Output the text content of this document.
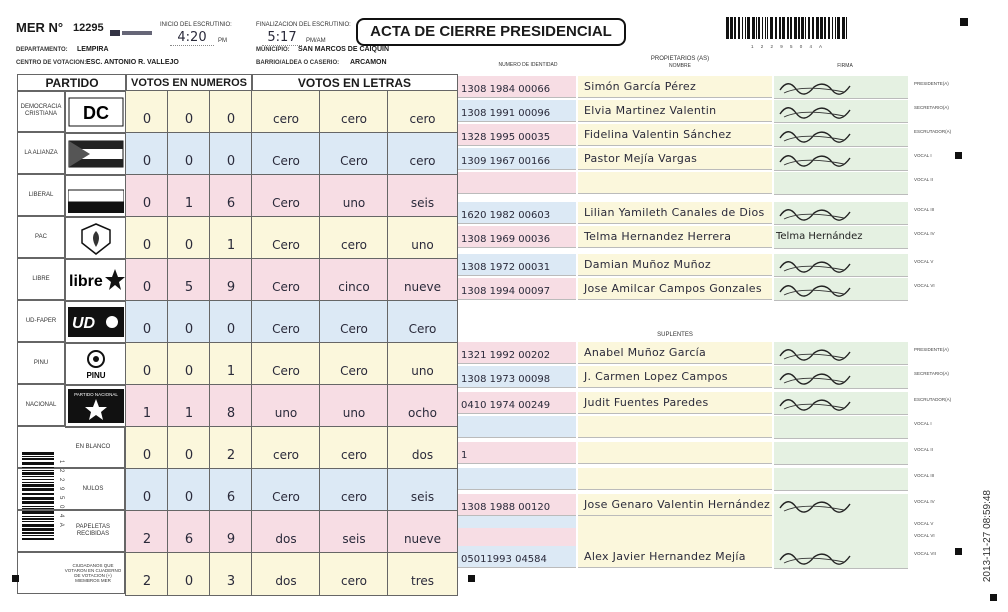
MER N° 12295	INICIO DEL ESCRUTINIO:
4:20	PM
FINALIZACION DEL ESCRUTINIO:
5:17	PM/AM
ACTA DE CIERRE PRESIDENCIAL
1 2 2 9 5 0 4 A
DEPARTAMENTO: LEMPIRA	MUNICIPIO: SAN MARCOS DE CAIQUIN
CENTRO DE VOTACION: ESC. ANTONIO R. VALLEJO	BARRIO/ALDEA O CASERIO: ARCAMON
PARTIDO	VOTOS EN NUMEROS	VOTOS EN LETRAS
DEMOCRACIA CRISTIANA	DC	0	0	0	cero	cero	cero
LA ALIANZA
0	0	0	Cero	Cero	cero
LIBERAL
0	1	6	Cero	uno	seis
PAC
0	0	1	Cero	cero	uno
LIBRE	libre	0	5	9	Cero	cinco	nueve
UD-FAPER UD	0	0	0	Cero	Cero	Cero
PINU
PINU	0	0	1	Cero	Cero	uno
NACIONAL
PARTIDO NACIONAL
1	1	8	uno	uno	ocho
EN BLANCO
0	0	2	cero	cero	dos
NULOS
0	0	6	Cero	cero	seis
PAPELETAS RECIBIDAS	2	6	9	dos	seis	nueve
CIUDADANOS QUE VOTARON EN CUADERNO DE VOTACION (+) MIEMBROS MER	2	0	3	dos	cero	tres
1 2 2 9 5 0 4 A
NUMERO DE IDENTIDAD
PROPIETARIOS (AS)
NOMBRE	FIRMA
SUPLENTES
1308 1984 00066	Simón García Pérez	PRESIDENTE(A)
1308 1991 00096	Elvia Martinez Valentin	SECRETARIO(A)
1328 1995 00035	Fidelina Valentin Sánchez	ESCRUTADOR(A)
1309 1967 00166	Pastor Mejía Vargas	VOCAL I
VOCAL II
1620 1982 00603	Lilian Yamileth Canales de Dios	VOCAL III
1308 1969 00036	Telma Hernandez Herrera	Telma Hernández	VOCAL IV
1308 1972 00031	Damian Muñoz Muñoz	VOCAL V
1308 1994 00097	Jose Amilcar Campos Gonzales	VOCAL VI
1321 1992 00202	Anabel Muñoz García	PRESIDENTE(A)
1308 1973 00098	J. Carmen Lopez Campos	SECRETARIO(A)
0410 1974 00249	Judit Fuentes Paredes	ESCRUTADOR(A)
VOCAL I
1
VOCAL II
VOCAL III
1308 1988 00120	Jose Genaro Valentin Hernández	VOCAL IV
VOCAL V
VOCAL VI
05011993 04584	Alex Javier Hernandez Mejía	VOCAL VII	2013-11-27 08:59:48
